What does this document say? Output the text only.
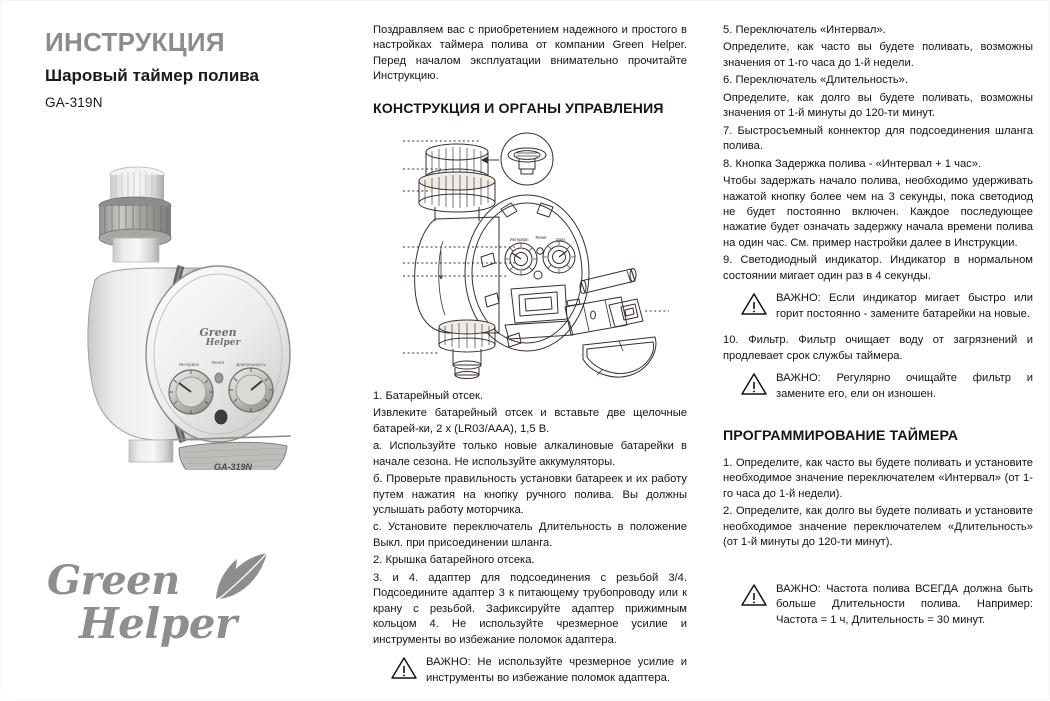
ИНСТРУКЦИЯ
Шаровый таймер полива
GA-319N
Green
Helper
Интервал	Reset	Длительность
GA-319N
Green
Helper

Поздравляем вас с приобретением надежного и простого в настройках таймера полива от компании Green Helper. Перед началом эксплуатации внимательно прочитайте Инструкцию.

КОНСТРУКЦИЯ И ОРГАНЫ УПРАВЛЕНИЯ
Интервал Reset Длит.

1. Батарейный отсек.

Извлеките батарейный отсек и вставьте две щелочные батарей-ки, 2 x (LR03/AAA), 1,5 В.

а. Используйте только новые алкалиновые батарейки в начале сезона. Не используйте аккумуляторы.

б. Проверьте правильность установки батареек и их работу путем нажатия на кнопку ручного полива. Вы должны услышать работу моторчика.

с. Установите переключатель Длительность в положение Выкл. при присоединении шланга.

2. Крышка батарейного отсека.

3. и 4. адаптер для подсоединения с резьбой 3/4. Подсоедините адаптер 3 к питающему трубопроводу или к крану с резьбой. Зафиксируйте адаптер прижимным кольцом 4. Не используйте чрезмерное усилие и инструменты во избежание поломок адаптера.

ВАЖНО: Не используйте чрезмерное усилие и инструменты во избежание поломок адаптера.

5. Переключатель «Интервал».

Определите, как часто вы будете поливать, возможны значения от 1-го часа до 1-й недели.

6. Переключатель «Длительность».

Определите, как долго вы будете поливать, возможны значения от 1-й минуты до 120-ти минут.

7. Быстросъемный коннектор для подсоединения шланга полива.

8. Кнопка Задержка полива - «Интервал + 1 час».

Чтобы задержать начало полива, необходимо удерживать нажатой кнопку более чем на 3 секунды, пока светодиод не будет постоянно включен. Каждое последующее нажатие будет означать задержку начала времени полива на один час. См. пример настройки далее в Инструкции.

9. Светодиодный индикатор. Индикатор в нормальном состоянии мигает один раз в 4 секунды.

ВАЖНО: Если индикатор мигает быстро или горит постоянно - замените батарейки на новые.

10. Фильтр. Фильтр очищает воду от загрязнений и продлевает срок службы таймера.

ВАЖНО: Регулярно очищайте фильтр и замените его, ели он изношен.
ПРОГРАММИРОВАНИЕ ТАЙМЕРА

1. Определите, как часто вы будете поливать и установите необходимое значение переключателем «Интервал» (от 1-го часа до 1-й недели).

2. Определите, как долго вы будете поливать и установите необходимое значение переключателем «Длительность» (от 1-й минуты до 120-ти минут).

ВАЖНО: Частота полива ВСЕГДА должна быть больше Длительности полива. Например: Частота = 1 ч, Длительность = 30 минут.
